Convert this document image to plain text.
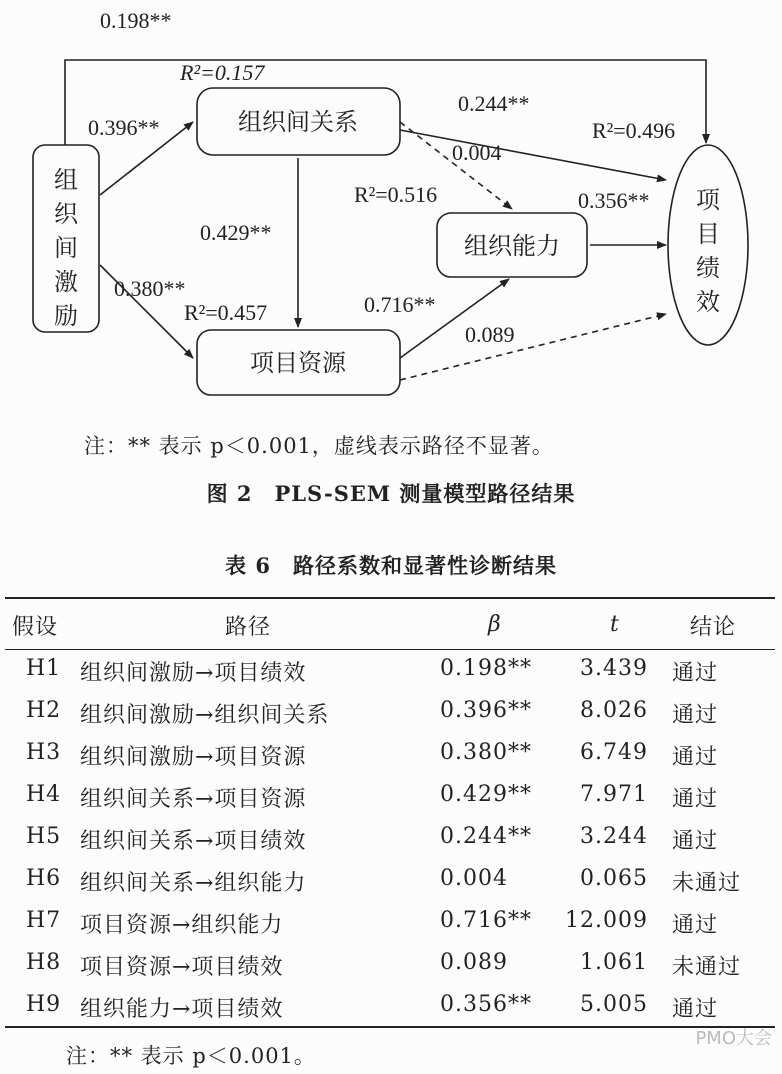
组
织
间
激
励
组织间关系
组织能力
项目资源
项
目
绩
效
0.198**
R²=0.157
0.396**
0.244**
0.004
R²=0.496
R²=0.516	0.356**
0.429**
0.380**
R²=0.457	0.716**
0.089
注：** 表示 p＜0.001，虚线表示路径不显著。
图 2　PLS-SEM 测量模型路径结果
表 6　路径系数和显著性诊断结果
假设	路径	β	t	结论
H1 组织间激励→项目绩效	0.198** 3.439 通过
H2 组织间激励→组织间关系	0.396** 8.026 通过
H3 组织间激励→项目资源	0.380** 6.749 通过
H4 组织间关系→项目资源	0.429** 7.971 通过
H5 组织间关系→项目绩效	0.244** 3.244 通过
H6 组织间关系→组织能力	0.004	0.065 未通过
H7 项目资源→组织能力	0.716** 12.009 通过
H8 项目资源→项目绩效	0.089	1.061 未通过
H9 组织能力→项目绩效	0.356** 5.005 通过
注：** 表示 p＜0.001。
PMO大会
